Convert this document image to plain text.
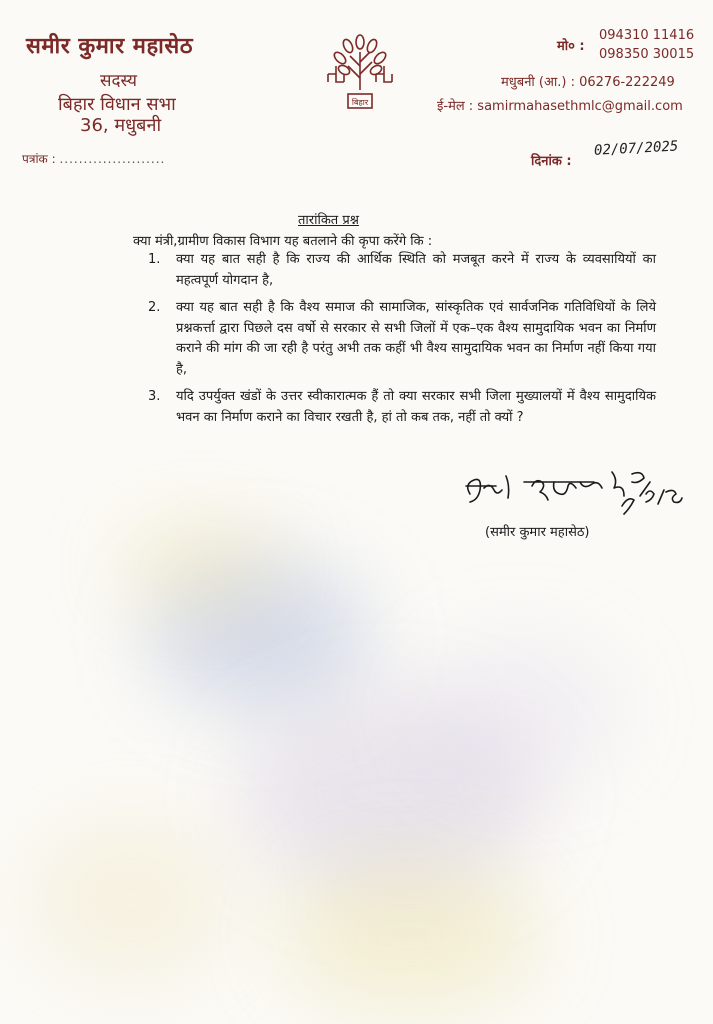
समीर कुमार महासेठ
सदस्य
बिहार विधान सभा
36, मधुबनी
बिहार
मो० :
094310 11416
098350 30015
मधुबनी (आ.) : 06276-222249
ई-मेल : samirmahasethmlc@gmail.com
पत्रांक : ......................	दिनांक :
02/07/2025
तारांकित प्रश्न
क्या मंत्री,ग्रामीण विकास विभाग यह बतलाने की कृपा करेंगे कि :
1.	क्या यह बात सही है कि राज्य की आर्थिक स्थिति को मजबूत करने में राज्य के व्यवसायियों का महत्वपूर्ण योगदान है,
2.	क्या यह बात सही है कि वैश्य समाज की सामाजिक, सांस्कृतिक एवं सार्वजनिक गतिविधियों के लिये प्रश्नकर्त्ता द्वारा पिछले दस वर्षो से सरकार से सभी जिलों में एक–एक वैश्य सामुदायिक भवन का निर्माण कराने की मांग की जा रही है परंतु अभी तक कहीं भी वैश्य सामुदायिक भवन का निर्माण नहीं किया गया है,
3.	यदि उपर्युक्त खंडों के उत्तर स्वीकारात्मक हैं तो क्या सरकार सभी जिला मुख्यालयों में वैश्य सामुदायिक भवन का निर्माण कराने का विचार रखती है, हां तो कब तक, नहीं तो क्यों ?
(समीर कुमार महासेठ)
